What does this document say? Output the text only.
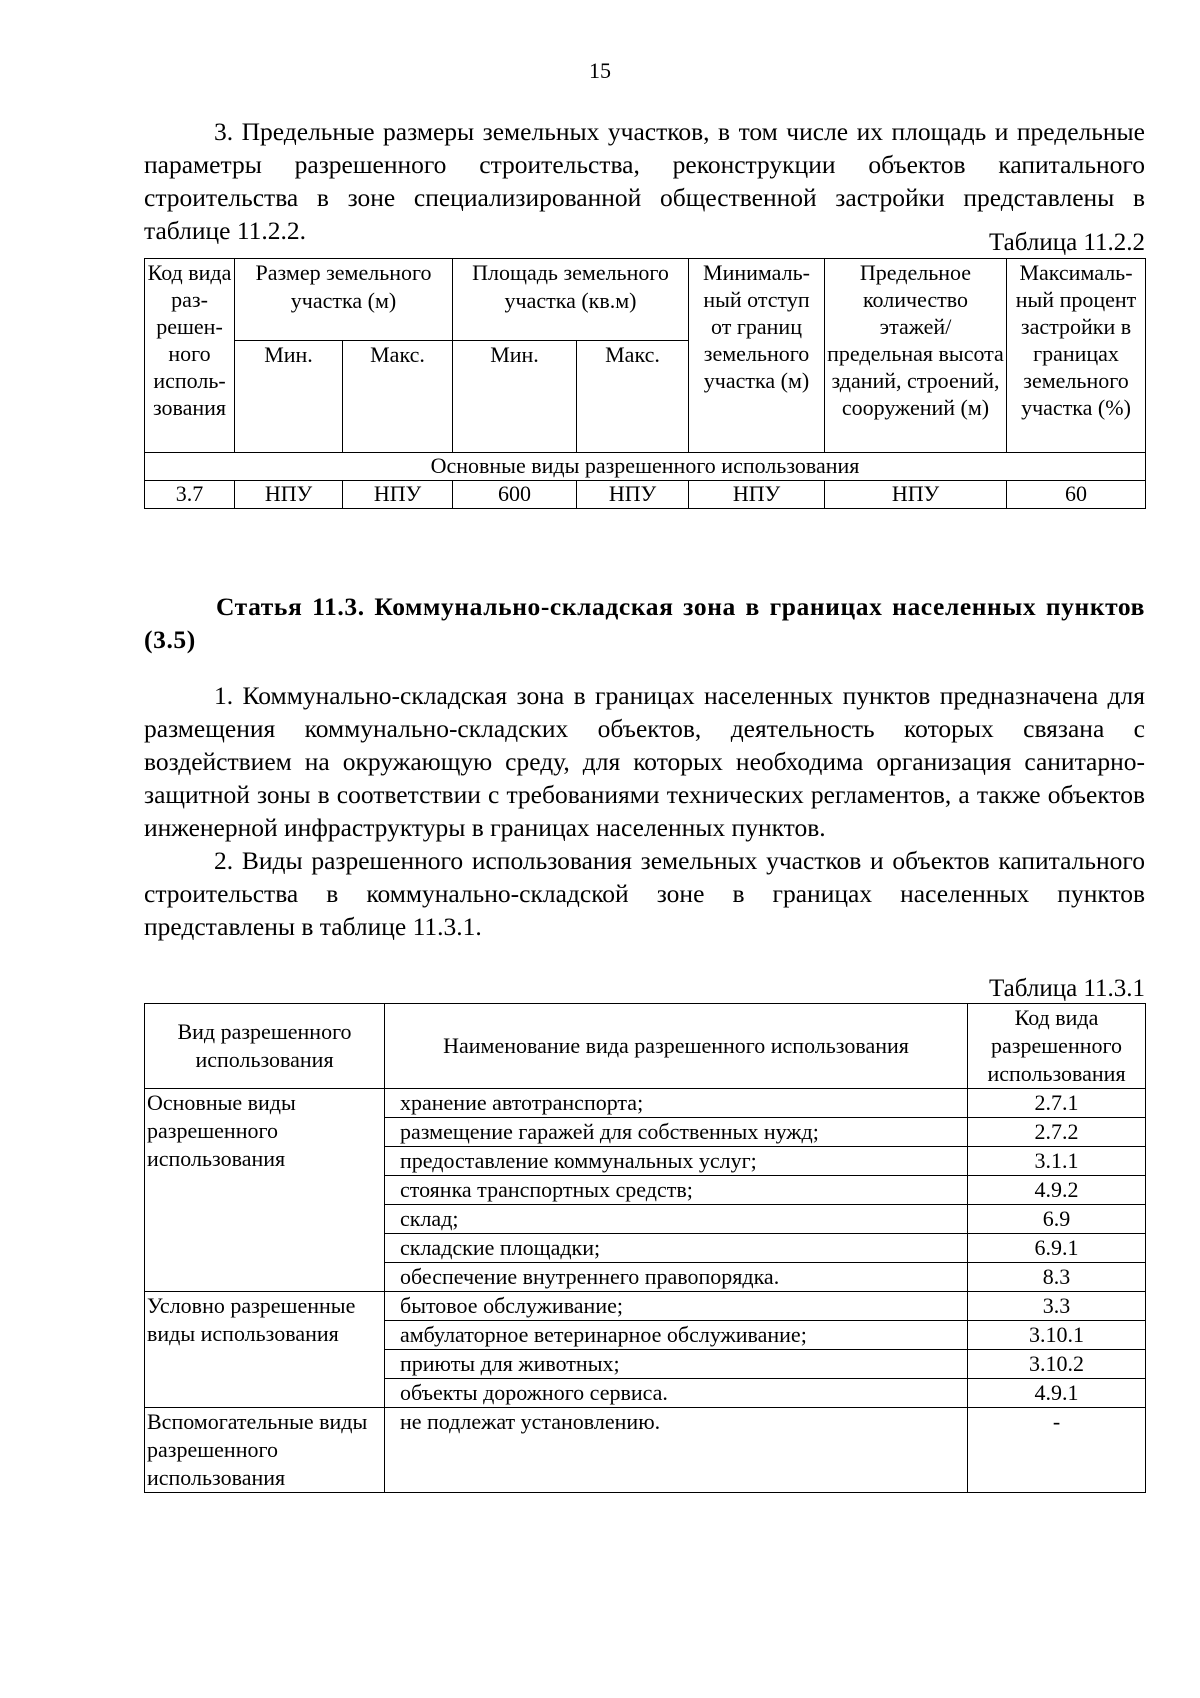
15

3. Предельные размеры земельных участков, в том числе их площадь и предельные параметры разрешенного строительства, реконструкции объектов капитального строительства в зоне специализированной общественной застройки представлены в таблице 11.2.2.	Таблица 11.2.2
Код вида раз- решен- ного исполь- зования	Размер земельного участка (м)		Площадь земельного участка (кв.м)		Минималь- ный отступ от границ земельного участка (м)	Предельное количество этажей/ предельная высота зданий, строений, сооружений (м)	Максималь- ный процент застройки в границах земельного участка (%)
	Мин.	Макс.	Мин.	Макс.			
Основные виды разрешенного использования							
3.7	НПУ	НПУ	600	НПУ	НПУ	НПУ	60
Статья 11.3. Коммунально-складская зона в границах населенных пунктов (3.5)

1. Коммунально-складская зона в границах населенных пунктов предназначена для размещения коммунально-складских объектов, деятельность которых связана с воздействием на окружающую среду, для которых необходима организация санитарно-защитной зоны в соответствии с требованиями технических регламентов, а также объектов инженерной инфраструктуры в границах населенных пунктов.

2. Виды разрешенного использования земельных участков и объектов капитального строительства в коммунально-складской зоне в границах населенных пунктов представлены в таблице 11.3.1.

Таблица 11.3.1
Вид разрешенного использования	Наименование вида разрешенного использования	Код вида разрешенного использования
Основные виды разрешенного использования	хранение автотранспорта;	2.7.1
	размещение гаражей для собственных нужд;	2.7.2
	предоставление коммунальных услуг;	3.1.1
	стоянка транспортных средств;	4.9.2
	склад;	6.9
	складские площадки;	6.9.1
	обеспечение внутреннего правопорядка.	8.3
Условно разрешенные виды использования	бытовое обслуживание;	3.3
	амбулаторное ветеринарное обслуживание;	3.10.1
	приюты для животных;	3.10.2
	объекты дорожного сервиса.	4.9.1
Вспомогательные виды разрешенного использования	не подлежат установлению.	-
